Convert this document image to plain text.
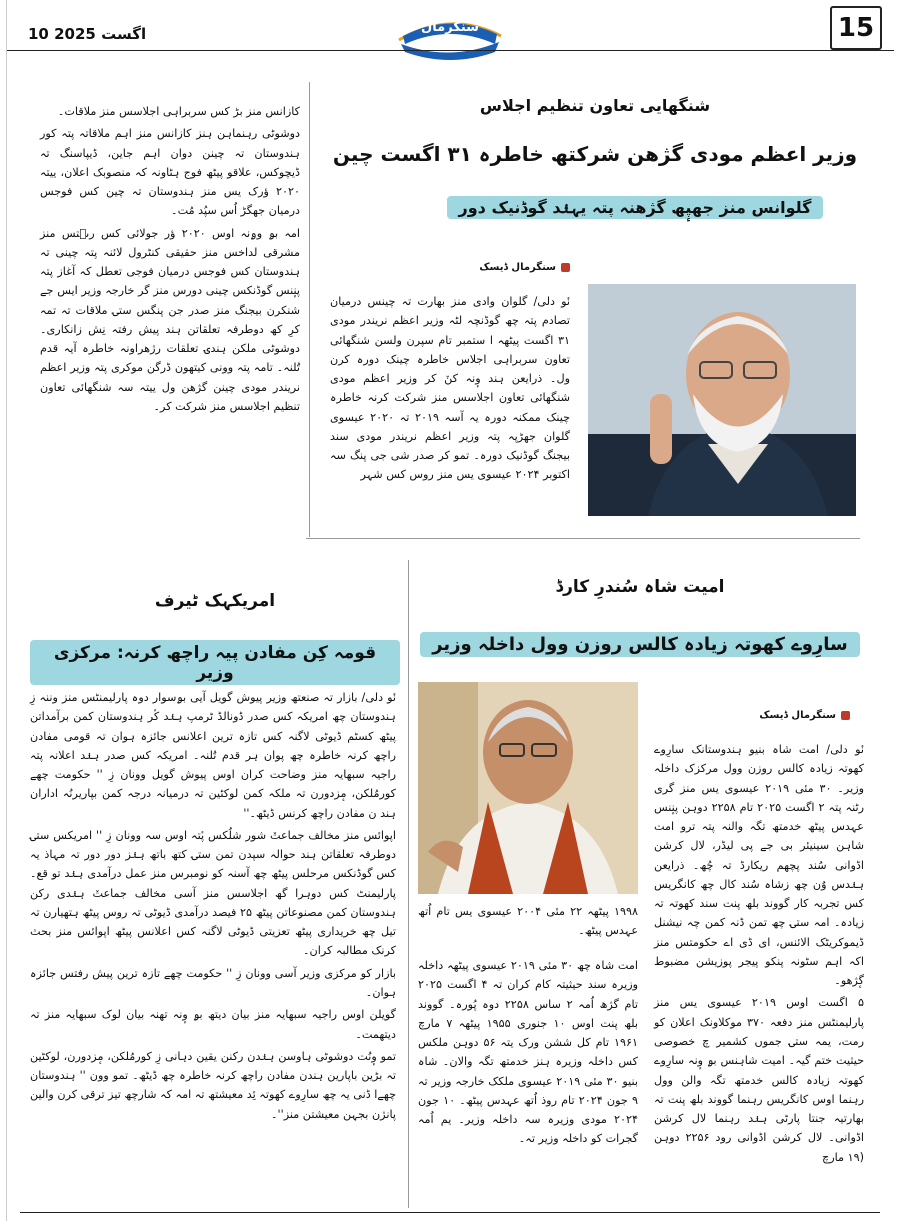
10 اگست 2025	سنگرمال	15

کازانس منز بڑ کس سربراہی اجلاسس منز ملاقات۔

دوشوٹی رہنماہن ہنز کازانس منز اہم ملاقاتہ پتہ کور ہندوستان تہ چینن دوان اہم جاین، ڈیپاسنگ تہ ڈیچوکس، علاقو پیٹھ فوج ہٹاونہ کہ منصوبک اعلان، ییتہ ۲۰۲۰ ؤرک یس منز ہندوستان تہ چین کس فوجس درمیان جھگڑ اُس سپُد مُت۔

امہ بۄ وۄنہ اوس ۲۰۲۰ ؤر جولائی کس رٮ۪تس منز مشرقی لداخس منز حقیقی کنٹرول لائنہ پتہ چینی تہ ہندوستان کس فوجس درمیان فوجی تعطل کہ آغاز پتہ پنٕنس گوڈنکس چینی دورس منز گر خارجہ وزیر ایس جے شنکرن بیجنگ منز صدر جن پنگس ستۍ ملاقات تہ تمہ کرِ کھ دوطرفہ تعلقاتن ہند پیش رفتہ نِش زانکاری۔ دوشوٹی ملکن ہندۍ تعلقات رژھراونہ خاطرہ آیہ قدم تُلنہ۔ تامہ پتہ وونی کیتھون ڈرگن موکری پتہ وزیر اعظم نریندر مودی چینن گژھن ول ییتہ سہ شنگھائی تعاون تنظیم اجلاسس منز شرکت کر۔

شنگھایی تعاون تنظیم اجلاس
وزیر اعظم مودی گژھن شرکتھ خاطرہ ۳۱ اگست چین
گلوانس منز جھپٕھ گژھنہ پتہ یہنٛد گوڈنیک دور
سنگرمال ڈیسک

نٔو دلی/ گلوان وادی منز بھارت تہ چینس درمیان تصادم پتہ چھ گوڈنچہ لٹہ وزیر اعظم نریندر مودی ۳۱ اگست پیٹھہ ا ستمبر تام سپرن ولسن شنگھائی تعاون سربراہی اجلاس خاطرہ چینک دورہ کرن ول۔ ذرایعن ہند وٕنہ کنٚ کر وزیر اعظم مودی شنگھائی تعاون اجلاسس منز شرکت کرنہ خاطرہ چینک ممکنہ دورہ یہ آسہ ۲۰۱۹ تہ ۲۰۲۰ عیسوی گلوان جھڑپہ پتہ وزیر اعظم نریندر مودی سند بیجنگ گوڈنیک دورہ۔ تمو کر صدر شی جی پنگ سہ اکتوبر ۲۰۲۴ عیسوی یس منز روس کس شہر

امیت شاہ سُندرِ کارڈ
سارِوے کھوتہ زیادہ کالس روزن وول داخلہ وزیر

۱۹۹۸ پیٹھہ ۲۲ مئی ۲۰۰۴ عیسوی یس تام اُتھ عہدس پیٹھ۔

امت شاہ چھ ۳۰ مئی ۲۰۱۹ عیسوی پیٹھہ داخلہ وزیرہ سند حیثیتہ کام کران تہ ۴ اگست ۲۰۲۵ تام گژھ اُمہ ۲ ساس ۲۲۵۸ دوہ پُورہ۔ گووند بلھ پنت اوس ۱۰ جنوری ۱۹۵۵ پیٹھہ ۷ مارچ ۱۹۶۱ تام کل ششن ورک یتہ ۵۶ دوہن ملکس کس داخلہ وزیرہ ہنز خدمتھ تگہ والان۔ شاہ بنیو ۳۰ مئی ۲۰۱۹ عیسوی ملکک خارجہ وزیر تہ ۹ جون ۲۰۲۴ تام روذ اُتھ عہدس پیٹھ۔ ۱۰ جون ۲۰۲۴ مودی وزیرہ سہ داخلہ وزیر۔ یم اُمہ گجرات کو داخلہ وزیر تہ۔

سنگرمال ڈیسک

نٔو دلی/ امت شاہ بنیو ہندوستانک سارِوے کھوتہ زیادہ کالس روزن وول مرکزک داخلہ وزیر۔ ۳۰ مئی ۲۰۱۹ عیسوی یس منز گری رٹنہ پتہ ۲ اگست ۲۰۲۵ تام ۲۲۵۸ دوہن پنٕنس عہدس پیٹھ خدمتھ تگہ والنہ پتہ ترو امت شاہن سینیئر بی جے پی لیڈر، لال کرشن اڈوانی سُند پچھم ریکارڈ تہ چُھ۔ ذرایعن ہنٛدس وُن چھ زشاہ سُند کال چھ کانگریس کس تجربہ کار گووند بلھ پنت سند کھوتہ تہ زیادہ۔ امہ ستۍ چھ تمن ڈنہ کمن چہ نیشنل ڈیموکریٹک الائنس، ای ڈی اے حکومتس منز اکہ اہم سٹونہ پنکو پیجر پوزیشن مضبوط گٕژھو۔

۵ اگست اوس ۲۰۱۹ عیسوی یس منز پارلیمنٹس منز دفعہ ۳۷۰ موکلاونک اعلان کو رمت، یمہ ستۍ جموں کشمیر چ خصوصی حیثیت ختم گیہ۔ امیت شاہنس بۄ وٕنہ سارِوے کھوتہ زیادہ کالس خدمتھ تگہ والن وول رہنما اوس کانگریس رہنما گووند بلھ پنت تہ بھارتیہ جنتا پارٹی ہنٛد رہنما لال کرشن اڈوانی۔ لال کرشن اڈوانی رود ۲۲۵۶ دوہن (۱۹ مارچ

امریکہک ٹیرف
قومہ کِن مفادن پیہ راچھ کرنہ: مرکزی وزیر

نٔو دلی/ بازار تہ صنعتھ وزیر پیوش گویل آیی بۄسوار دوہ پارلیمنٹس منز وننہ زِ ہندوستان چھ امریکہ کس صدر ڈونالڈ ٹرمپ ہنٛد کٔر ہندوستان کمن برآمداتن پیٹھ کسٹم ڈیوٹی لاگنہ کس تازہ ترین اعلانس جائزہ ہوان تہ قومی مفادن راچھ کرنہ خاطرہ چھ پوان ہر قدم تُلنہ۔ امریکہ کس صدر ہنٛد اعلانہ پتہ راجیہ سبھایہ منز وضاحت کران اوس پیوش گویل وونان زِ '' حکومت چھے کورمُلکن، مٕزدورن تہ ملکہ کمن لوکٹین تہ درمیانہ درجہ کمن بپاریرنُہ اداران ہند ن مفادن راچھ کرنس ڈیٹھ۔''

اپوائس منز مخالف جماعتٚ شور شلُکس پٔتہ اوس سہ وونان زِ '' امریکس ستۍ دوطرفہ تعلقاتن ہند حوالہ سپدن تمن ستۍ کتھ باتھ ہنٛز دور دور تہ مہاذ یہ کس گوڈنکس مرحلس پیٹھ چھ آسنہ کو نومبرس منز عمل درآمدی ہنٛد تو قع۔ پارلیمنٹ کس دوہرا گھ اجلاسس منز آسی مخالف جماعتٚ ہنٛدی رکن ہندوستان کمن مصنوعاتن پیٹھ ۲۵ فیصد درآمدی ڈیوٹی تہ روس پیٹھ ہتھیارن تہ تیل چھ خریداری پیٹھ تعزیتی ڈیوٹی لاگنہ کس اعلانس پیٹھ اپوائس منز بحث کرنک مطالبہ کران۔

بازار کو مرکزی وزیر آسی وونان زِ '' حکومت چھے تازہ ترین پیش رفتس جائزہ ہوان۔

گویلن اوس راجیہ سبھایہ منز بیان دیتھ بۄ وٕنہ تھنہ بیان لوک سبھایہ منز تہ دیتھمت۔

تمو وٕنُت دوشوٹی ہاوسن ہنٛدن رکنن یقین دہانی زِ کورمُلکن، مٕزدورن، لوکٹین تہ بڑین باپارین ہندن مفادن راچھ کرنہ خاطرہ چھ ڈیٹھ۔ تمو وون '' ہندوستان چھےا ڈنی یہ چھ سارِوے کھوتہ ئِد معیشتھ تہ امہ کہ شارچھ تیز ترقی کرن والین پانژن بجہن معیشتن منز''۔
